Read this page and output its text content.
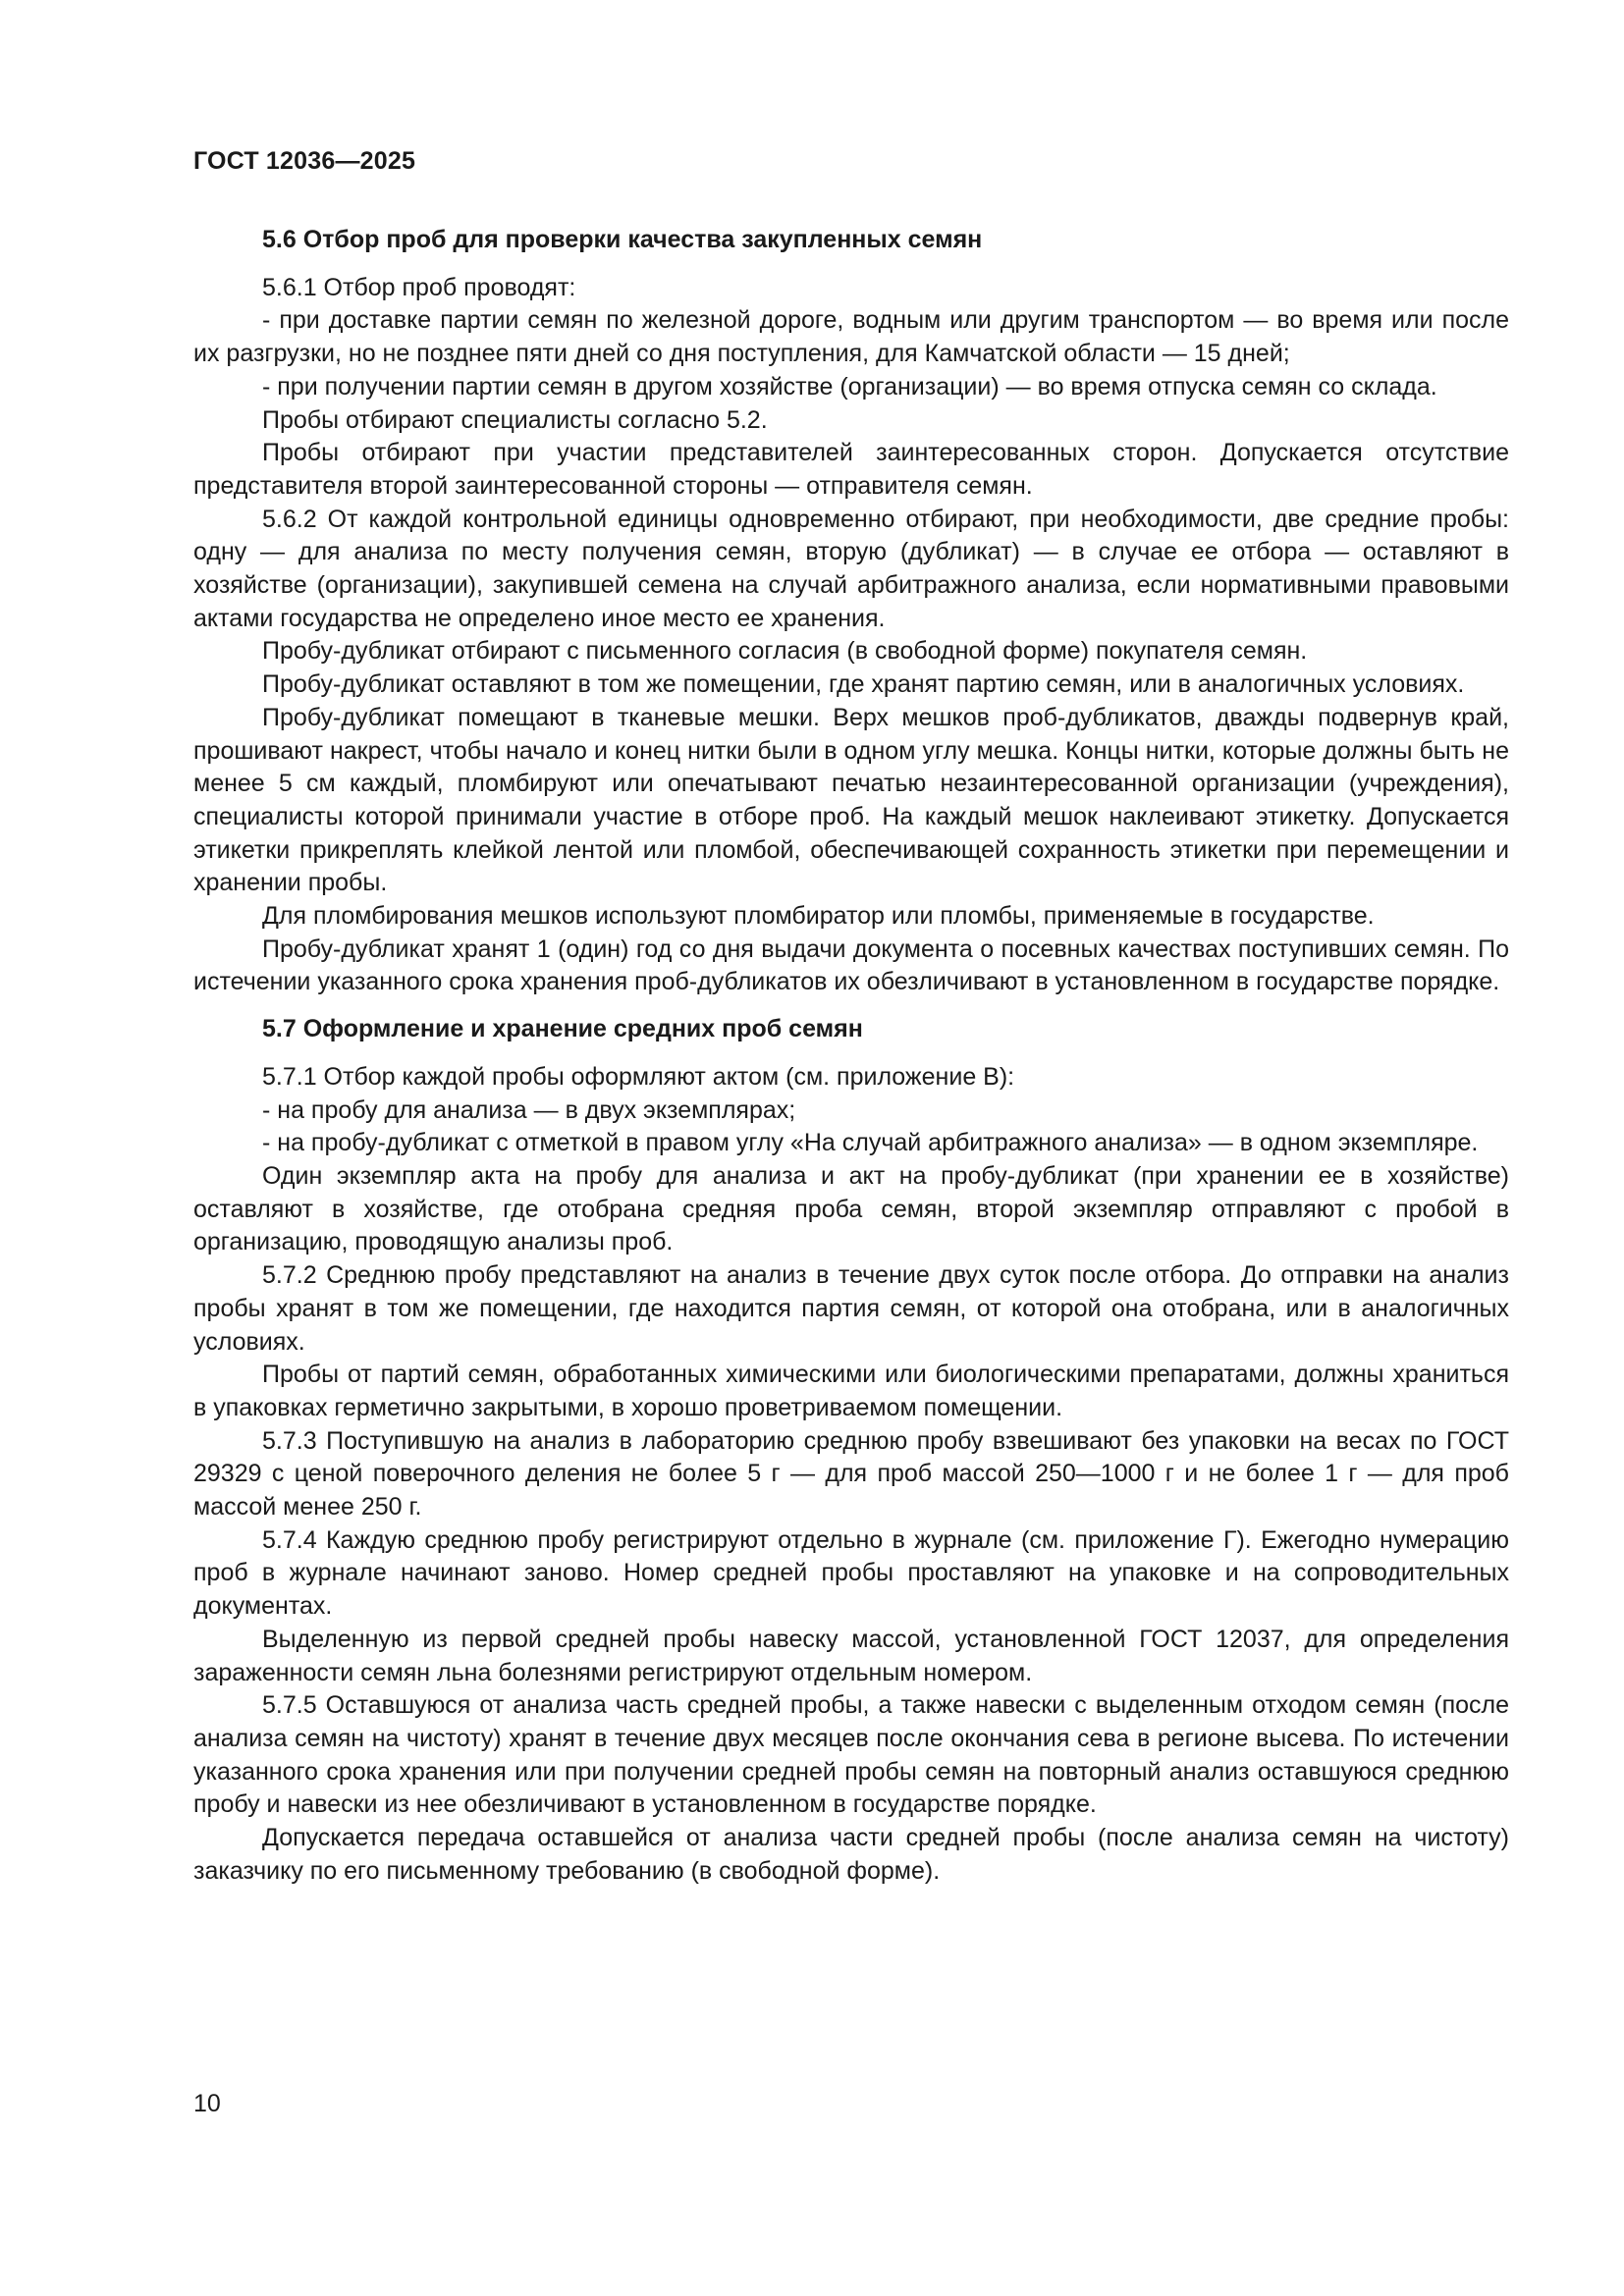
ГОСТ 12036—2025
5.6 Отбор проб для проверки качества закупленных семян

5.6.1 Отбор проб проводят:

- при доставке партии семян по железной дороге, водным или другим транспортом — во время или после их разгрузки, но не позднее пяти дней со дня поступления, для Камчатской области — 15 дней;

- при получении партии семян в другом хозяйстве (организации) — во время отпуска семян со склада.

Пробы отбирают специалисты согласно 5.2.

Пробы отбирают при участии представителей заинтересованных сторон. Допускается отсутствие представителя второй заинтересованной стороны — отправителя семян.

5.6.2 От каждой контрольной единицы одновременно отбирают, при необходимости, две средние пробы: одну — для анализа по месту получения семян, вторую (дубликат) — в случае ее отбора — оставляют в хозяйстве (организации), закупившей семена на случай арбитражного анализа, если нормативными правовыми актами государства не определено иное место ее хранения.

Пробу-дубликат отбирают с письменного согласия (в свободной форме) покупателя семян.

Пробу-дубликат оставляют в том же помещении, где хранят партию семян, или в аналогичных условиях.

Пробу-дубликат помещают в тканевые мешки. Верх мешков проб-дубликатов, дважды подвернув край, прошивают накрест, чтобы начало и конец нитки были в одном углу мешка. Концы нитки, которые должны быть не менее 5 см каждый, пломбируют или опечатывают печатью незаинтересованной организации (учреждения), специалисты которой принимали участие в отборе проб. На каждый мешок наклеивают этикетку. Допускается этикетки прикреплять клейкой лентой или пломбой, обеспечивающей сохранность этикетки при перемещении и хранении пробы.

Для пломбирования мешков используют пломбиратор или пломбы, применяемые в государстве.

Пробу-дубликат хранят 1 (один) год со дня выдачи документа о посевных качествах поступивших семян. По истечении указанного срока хранения проб-дубликатов их обезличивают в установленном в государстве порядке.

5.7 Оформление и хранение средних проб семян

5.7.1 Отбор каждой пробы оформляют актом (см. приложение В):

- на пробу для анализа — в двух экземплярах;

- на пробу-дубликат с отметкой в правом углу «На случай арбитражного анализа» — в одном экземпляре.

Один экземпляр акта на пробу для анализа и акт на пробу-дубликат (при хранении ее в хозяйстве) оставляют в хозяйстве, где отобрана средняя проба семян, второй экземпляр отправляют с пробой в организацию, проводящую анализы проб.

5.7.2 Среднюю пробу представляют на анализ в течение двух суток после отбора. До отправки на анализ пробы хранят в том же помещении, где находится партия семян, от которой она отобрана, или в аналогичных условиях.

Пробы от партий семян, обработанных химическими или биологическими препаратами, должны храниться в упаковках герметично закрытыми, в хорошо проветриваемом помещении.

5.7.3 Поступившую на анализ в лабораторию среднюю пробу взвешивают без упаковки на весах по ГОСТ 29329 с ценой поверочного деления не более 5 г — для проб массой 250—1000 г и не более 1 г — для проб массой менее 250 г.

5.7.4 Каждую среднюю пробу регистрируют отдельно в журнале (см. приложение Г). Ежегодно нумерацию проб в журнале начинают заново. Номер средней пробы проставляют на упаковке и на сопроводительных документах.

Выделенную из первой средней пробы навеску массой, установленной ГОСТ 12037, для определения зараженности семян льна болезнями регистрируют отдельным номером.

5.7.5 Оставшуюся от анализа часть средней пробы, а также навески с выделенным отходом семян (после анализа семян на чистоту) хранят в течение двух месяцев после окончания сева в регионе высева. По истечении указанного срока хранения или при получении средней пробы семян на повторный анализ оставшуюся среднюю пробу и навески из нее обезличивают в установленном в государстве порядке.

Допускается передача оставшейся от анализа части средней пробы (после анализа семян на чистоту) заказчику по его письменному требованию (в свободной форме).

10
